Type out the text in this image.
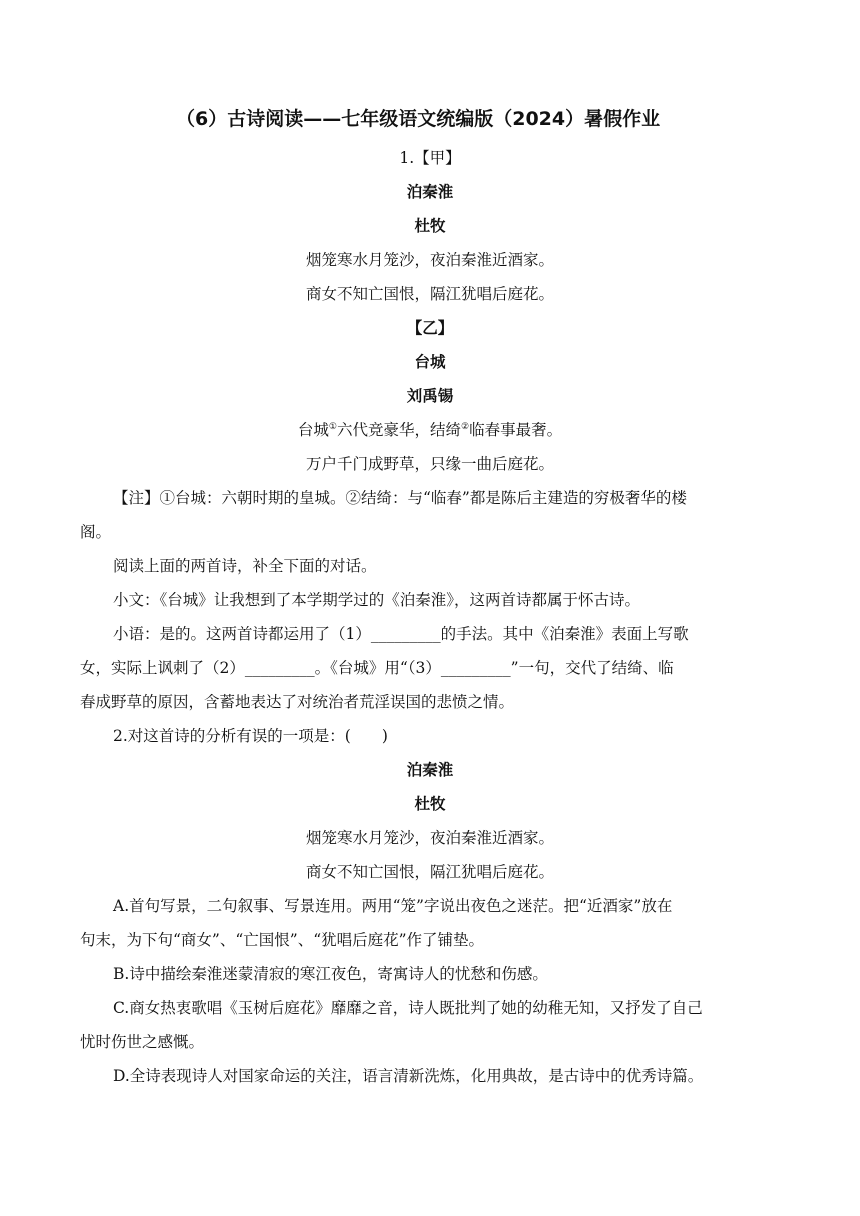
（6）古诗阅读——七年级语文统编版（2024）暑假作业
1.【甲】
泊秦淮
杜牧
烟笼寒水月笼沙，夜泊秦淮近酒家。
商女不知亡国恨，隔江犹唱后庭花。
【乙】
台城
刘禹锡
台城①六代竞豪华，结绮②临春事最奢。
万户千门成野草，只缘一曲后庭花。
【注】①台城：六朝时期的皇城。②结绮：与“临春”都是陈后主建造的穷极奢华的楼
阁。
阅读上面的两首诗，补全下面的对话。
小文：《台城》让我想到了本学期学过的《泊秦淮》，这两首诗都属于怀古诗。
小语：是的。这两首诗都运用了（1）_________的手法。其中《泊秦淮》表面上写歌
女，实际上讽刺了（2）_________。《台城》用“（3）_________”一句，交代了结绮、临
春成野草的原因，含蓄地表达了对统治者荒淫误国的悲愤之情。
2.对这首诗的分析有误的一项是：(　　)
泊秦淮
杜牧
烟笼寒水月笼沙，夜泊秦淮近酒家。
商女不知亡国恨，隔江犹唱后庭花。
A.首句写景，二句叙事、写景连用。两用“笼”字说出夜色之迷茫。把“近酒家”放在
句末，为下句“商女”、“亡国恨”、“犹唱后庭花”作了铺垫。
B.诗中描绘秦淮迷蒙清寂的寒江夜色，寄寓诗人的忧愁和伤感。
C.商女热衷歌唱《玉树后庭花》靡靡之音，诗人既批判了她的幼稚无知，又抒发了自己
忧时伤世之感慨。
D.全诗表现诗人对国家命运的关注，语言清新洗炼，化用典故，是古诗中的优秀诗篇。
